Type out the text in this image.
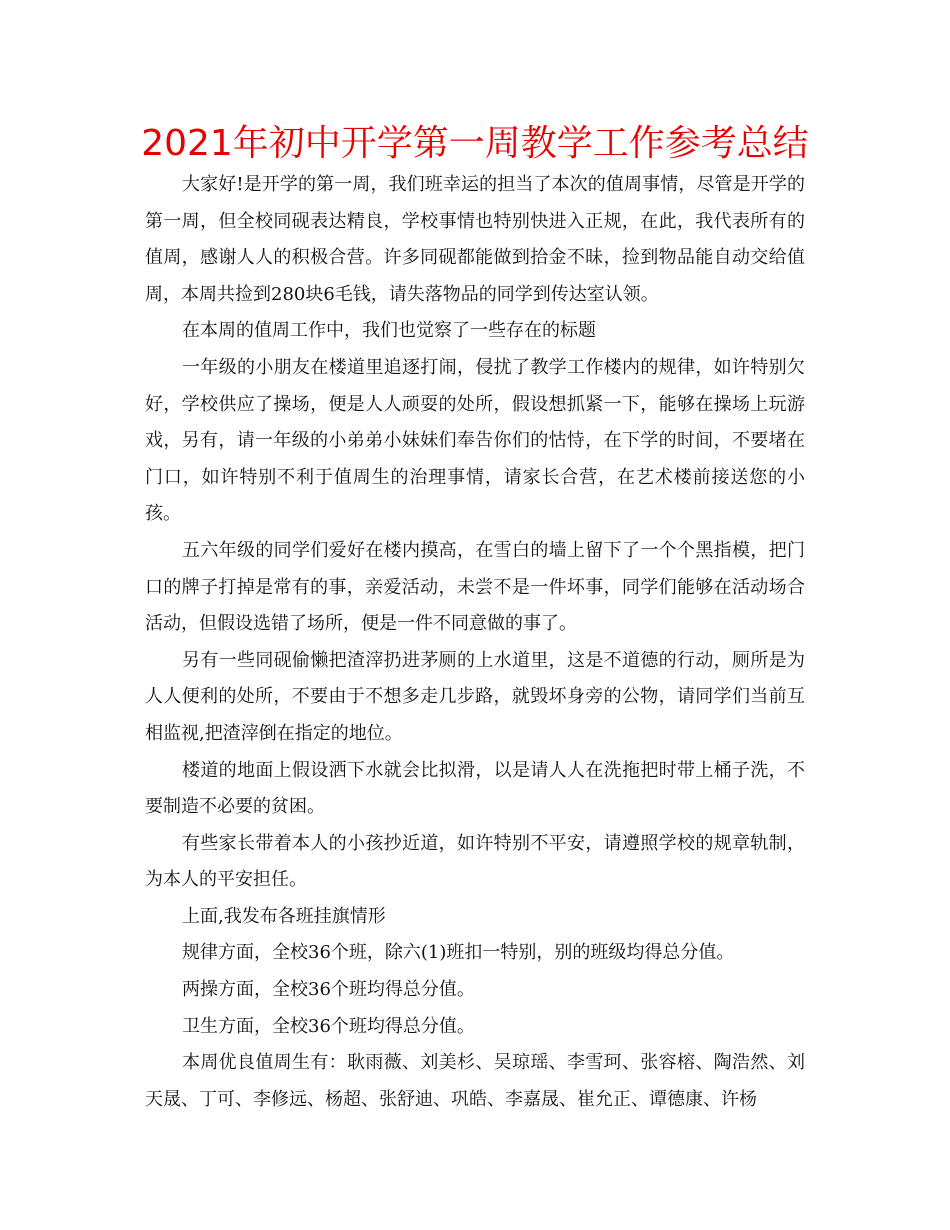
2021年初中开学第一周教学工作参考总结

大家好!是开学的第一周，我们班幸运的担当了本次的值周事情，尽管是开学的第一周，但全校同砚表达精良，学校事情也特别快进入正规，在此，我代表所有的值周，感谢人人的积极合营。许多同砚都能做到拾金不昧，捡到物品能自动交给值周，本周共捡到280块6毛钱，请失落物品的同学到传达室认领。

在本周的值周工作中，我们也觉察了一些存在的标题

一年级的小朋友在楼道里追逐打闹，侵扰了教学工作楼内的规律，如许特别欠好，学校供应了操场，便是人人顽耍的处所，假设想抓紧一下，能够在操场上玩游戏，另有，请一年级的小弟弟小妹妹们奉告你们的怙恃，在下学的时间，不要堵在门口，如许特别不利于值周生的治理事情，请家长合营，在艺术楼前接送您的小孩。

五六年级的同学们爱好在楼内摸高，在雪白的墙上留下了一个个黑指模，把门口的牌子打掉是常有的事，亲爱活动，未尝不是一件坏事，同学们能够在活动场合活动，但假设选错了场所，便是一件不同意做的事了。

另有一些同砚偷懒把渣滓扔进茅厕的上水道里，这是不道德的行动，厕所是为人人便利的处所，不要由于不想多走几步路，就毁坏身旁的公物，请同学们当前互相监视,把渣滓倒在指定的地位。

楼道的地面上假设洒下水就会比拟滑，以是请人人在洗拖把时带上桶子洗，不要制造不必要的贫困。

有些家长带着本人的小孩抄近道，如许特别不平安，请遵照学校的规章轨制，为本人的平安担任。

上面,我发布各班挂旗情形

规律方面，全校36个班，除六(1)班扣一特别，别的班级均得总分值。

两操方面，全校36个班均得总分值。

卫生方面，全校36个班均得总分值。

本周优良值周生有：耿雨薇、刘美杉、吴琼瑶、李雪珂、张容榕、陶浩然、刘天晟、丁可、李修远、杨超、张舒迪、巩皓、李嘉晟、崔允正、谭德康、许杨
